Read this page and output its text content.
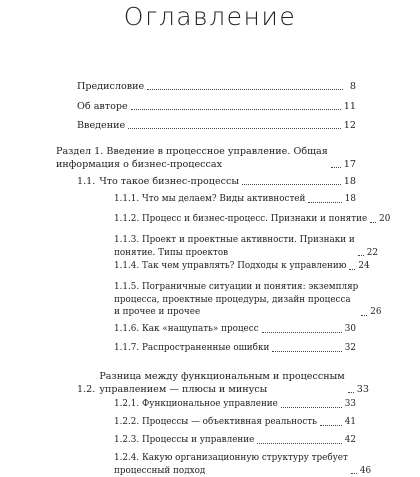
Оглавление
Предисловие	8
Об авторе	11
Введение	12
Раздел 1. Введение в процессное управление. Общая
информация о бизнес-процессах	17
1.1. Что такое бизнес-процессы	18
1.1.1. Что мы делаем? Виды активностей	18
1.1.2. Процесс и бизнес-процесс. Признаки и понятие 20
1.1.3. Проект и проектные активности. Признаки и
понятие. Типы проектов	22
1.1.4. Так чем управлять? Подходы к управлению 24
1.1.5. Пограничные ситуации и понятия: экземпляр
процесса, проектные процедуры, дизайн процесса
и прочее и прочее	26
1.1.6. Как «нащупать» процесс	30
1.1.7. Распространенные ошибки	32
1.2.
Разница между функциональным и процессным
управлением — плюсы и минусы	33
1.2.1. Функциональное управление	33
1.2.2. Процессы — объективная реальность	41
1.2.3. Процессы и управление	42
1.2.4. Какую организационную структуру требует
процессный подход	46
